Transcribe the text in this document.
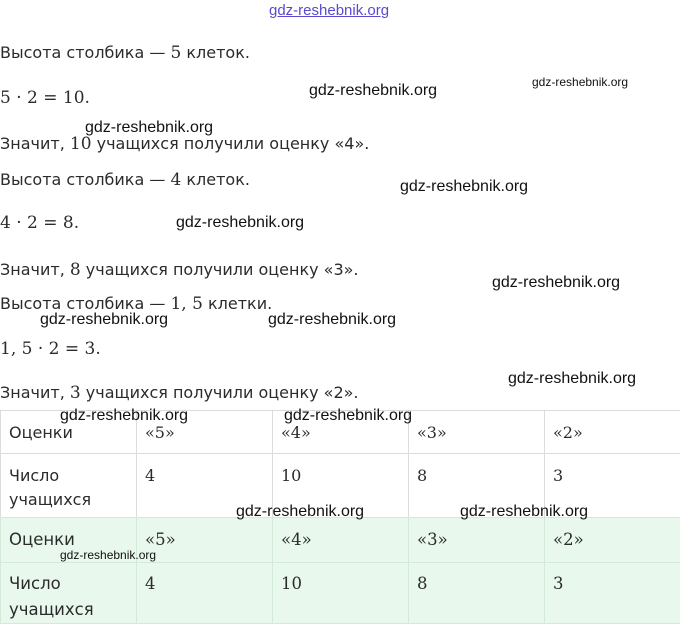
gdz-reshebnik.org
Высота столбика — 5 клеток.
5 · 2 = 10.
Значит, 10 учащихся получили оценку «4».
Высота столбика — 4 клеток.
4 · 2 = 8.
Значит, 8 учащихся получили оценку «3».
Высота столбика — 1, 5 клетки.
1, 5 · 2 = 3.
Значит, 3 учащихся получили оценку «2».
Оценки	«5»	«4»	«3»	«2»
Число
учащихся	4	10	8	3
Оценки	«5»	«4»	«3»	«2»
Число
учащихся	4	10	8	3
gdz-reshebnik.org	gdz-reshebnik.org
gdz-reshebnik.org
gdz-reshebnik.org
gdz-reshebnik.org
gdz-reshebnik.org
gdz-reshebnik.org	gdz-reshebnik.org
gdz-reshebnik.org
gdz-reshebnik.org	gdz-reshebnik.org
gdz-reshebnik.org	gdz-reshebnik.org
gdz-reshebnik.org
